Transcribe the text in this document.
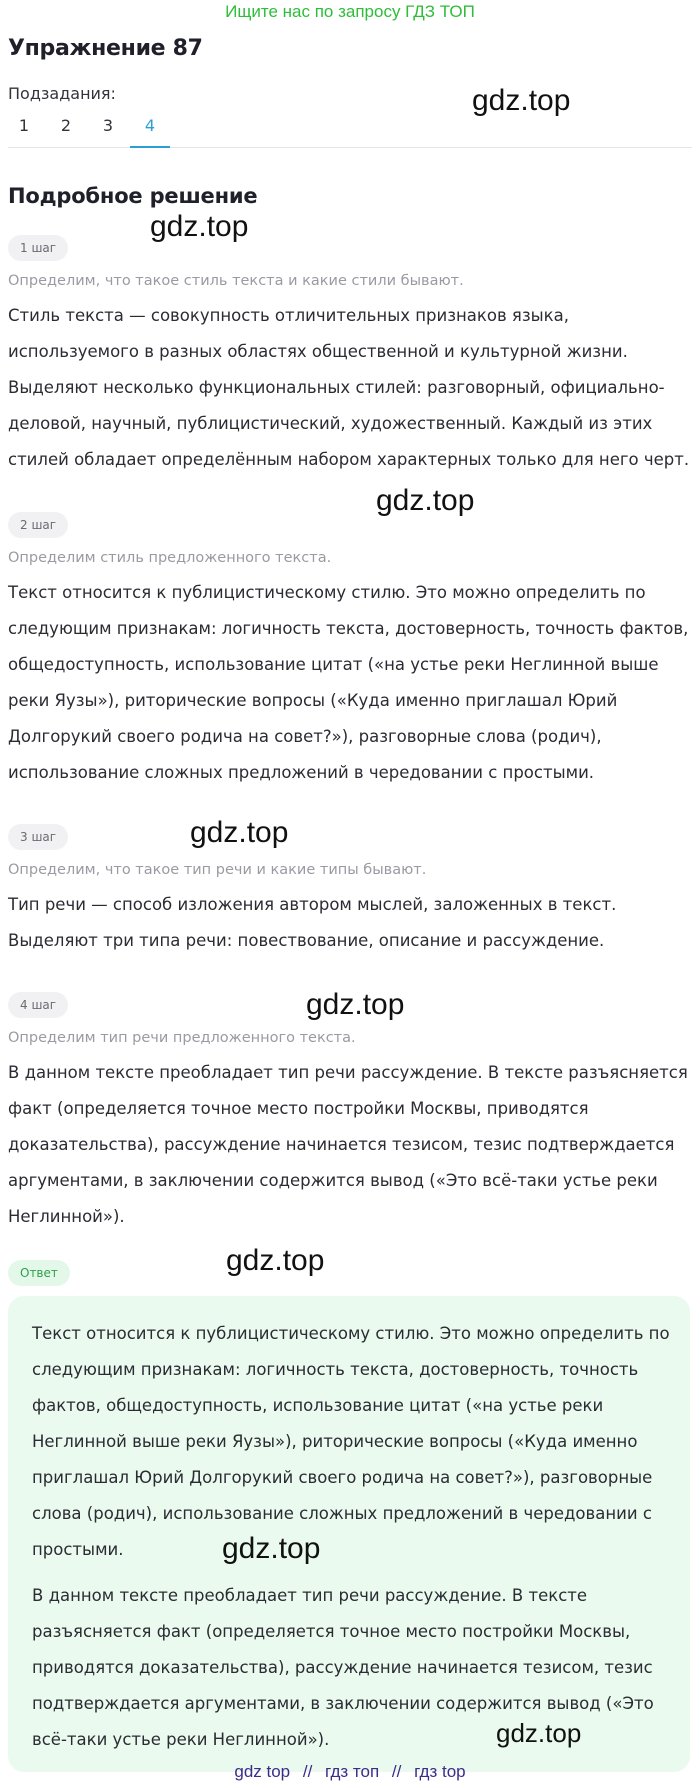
Ищите нас по запросу ГДЗ ТОП
Упражнение 87
Подзадания:
1	2	3	4
gdz.top
gdz.top
gdz.top
gdz.top
gdz.top
gdz.top
Подробное решение
1 шаг
Определим, что такое стиль текста и какие стили бывают.
Стиль текста — совокупность отличительных признаков языка, используемого в разных областях общественной и культурной жизни. Выделяют несколько функциональных стилей: разговорный, официально-деловой, научный, публицистический, художественный. Каждый из этих стилей обладает определённым набором характерных только для него черт.
2 шаг
Определим стиль предложенного текста.
Текст относится к публицистическому стилю. Это можно определить по следующим признакам: логичность текста, достоверность, точность фактов, общедоступность, использование цитат («на устье реки Неглинной выше реки Яузы»), риторические вопросы («Куда именно приглашал Юрий Долгорукий своего родича на совет?»), разговорные слова (родич), использование сложных предложений в чередовании с простыми.
3 шаг
Определим, что такое тип речи и какие типы бывают.
Тип речи — способ изложения автором мыслей, заложенных в текст. Выделяют три типа речи: повествование, описание и рассуждение.
4 шаг
Определим тип речи предложенного текста.
В данном тексте преобладает тип речи рассуждение. В тексте разъясняется факт (определяется точное место постройки Москвы, приводятся доказательства), рассуждение начинается тезисом, тезис подтверждается аргументами, в заключении содержится вывод («Это всё-таки устье реки Неглинной»).
Ответ
Текст относится к публицистическому стилю. Это можно определить по следующим признакам: логичность текста, достоверность, точность фактов, общедоступность, использование цитат («на устье реки Неглинной выше реки Яузы»), риторические вопросы («Куда именно приглашал Юрий Долгорукий своего родича на совет?»), разговорные слова (родич), использование сложных предложений в чередовании с простыми.
В данном тексте преобладает тип речи рассуждение. В тексте разъясняется факт (определяется точное место постройки Москвы, приводятся доказательства), рассуждение начинается тезисом, тезис подтверждается аргументами, в заключении содержится вывод («Это всё-таки устье реки Неглинной»).
gdz.top
gdz.top
gdz top // гдз топ // гдз top
